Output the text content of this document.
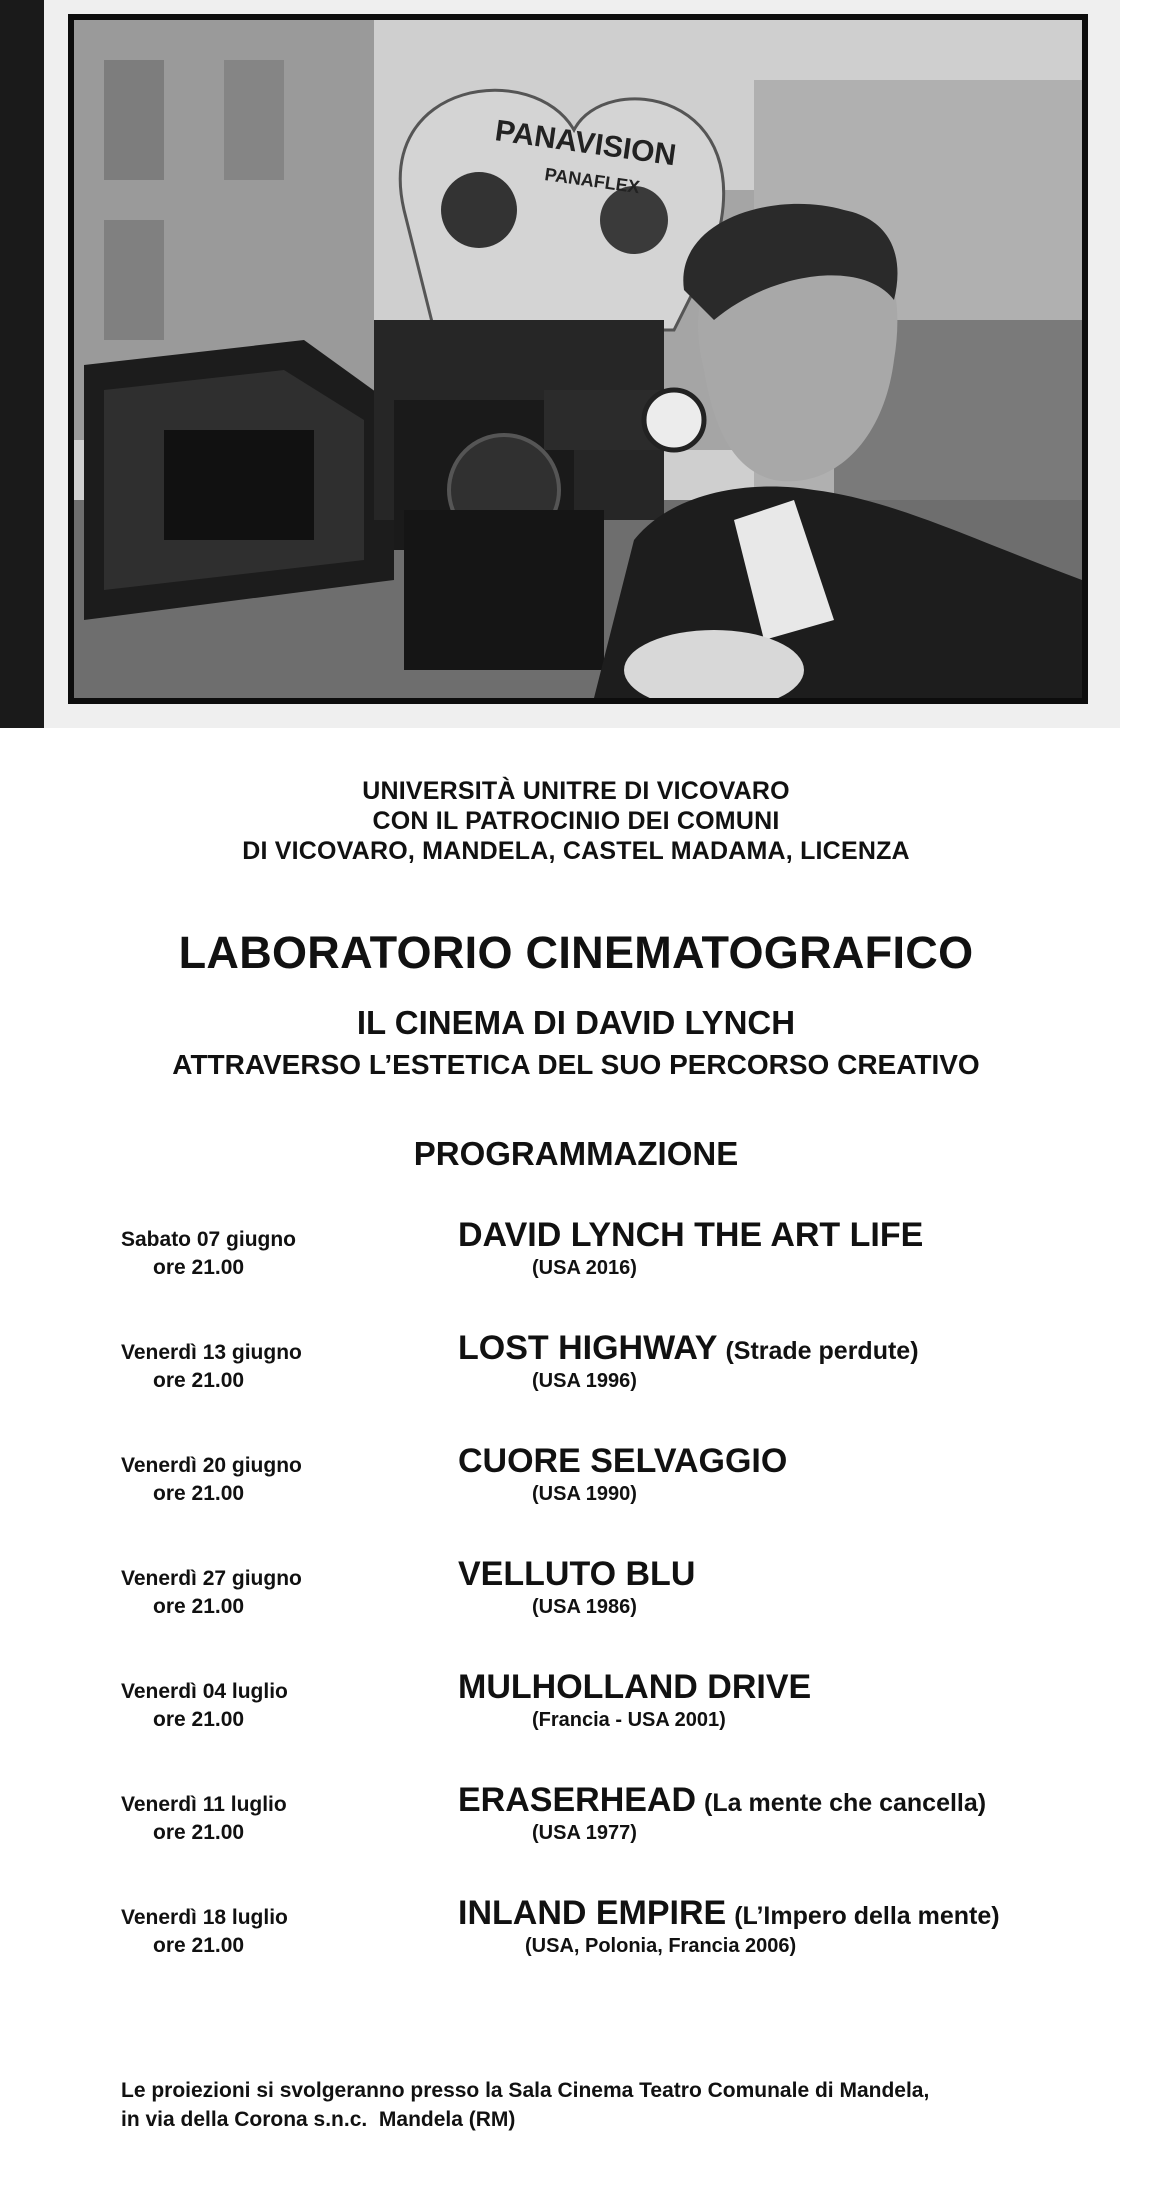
PANAVISION
PANAFLEX
UNIVERSITÀ UNITRE DI VICOVARO
CON IL PATROCINIO DEI COMUNI
DI VICOVARO, MANDELA, CASTEL MADAMA, LICENZA
LABORATORIO CINEMATOGRAFICO
IL CINEMA DI DAVID LYNCH
ATTRAVERSO L’ESTETICA DEL SUO PERCORSO CREATIVO
PROGRAMMAZIONE
Sabato 07 giugno
ore 21.00
DAVID LYNCH THE ART LIFE
(USA 2016)
Venerdì 13 giugno
ore 21.00
LOST HIGHWAY (Strade perdute)
(USA 1996)
Venerdì 20 giugno
ore 21.00
CUORE SELVAGGIO
(USA 1990)
Venerdì 27 giugno
ore 21.00
VELLUTO BLU
(USA 1986)
Venerdì 04 luglio
ore 21.00
MULHOLLAND DRIVE
(Francia - USA 2001)
Venerdì 11 luglio
ore 21.00
ERASERHEAD (La mente che cancella)
(USA 1977)
Venerdì 18 luglio
ore 21.00
INLAND EMPIRE (L’Impero della mente)
(USA, Polonia, Francia 2006)
Le proiezioni si svolgeranno presso la Sala Cinema Teatro Comunale di Mandela,
in via della Corona s.n.c.  Mandela (RM)
